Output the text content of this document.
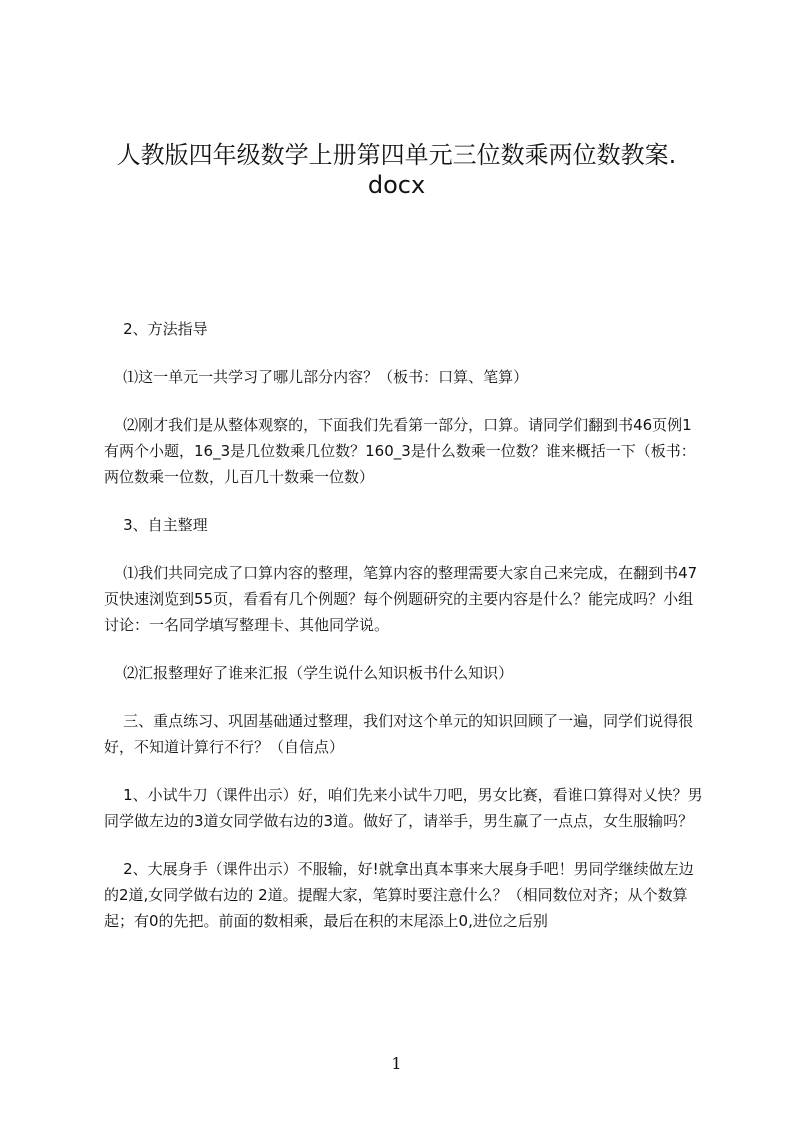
人教版四年级数学上册第四单元三位数乘两位数教案.
docx

2、方法指导

⑴这一单元一共学习了哪儿部分内容？（板书：口算、笔算）

⑵刚才我们是从整体观察的，下面我们先看第一部分，口算。请同学们翻到书46页例1有两个小题，16_3是几位数乘几位数？160_3是什么数乘一位数？谁来概括一下（板书：两位数乘一位数，儿百几十数乘一位数）

3、自主整理

⑴我们共同完成了口算内容的整理，笔算内容的整理需要大家自己来完成，在翻到书47页快速浏览到55页，看看有几个例题？每个例题研究的主要内容是什么？能完成吗？小组讨论：一名同学填写整理卡、其他同学说。

⑵汇报整理好了谁来汇报（学生说什么知识板书什么知识）

三、重点练习、巩固基础通过整理，我们对这个单元的知识回顾了一遍，同学们说得很好，不知道计算行不行？（自信点）

1、小试牛刀（课件出示）好，咱们先来小试牛刀吧，男女比赛，看谁口算得对乂快？男同学做左边的3道女同学做右边的3道。做好了，请举手，男生赢了一点点，女生服输吗？

2、大展身手（课件出示）不服输，好!就拿出真本事来大展身手吧！男同学继续做左边的2道,女同学做右边的 2道。提醒大家，笔算时要注意什么？（相同数位对齐；从个数算起；有0的先把。前面的数相乘，最后在积的末尾添上0,进位之后别

1
